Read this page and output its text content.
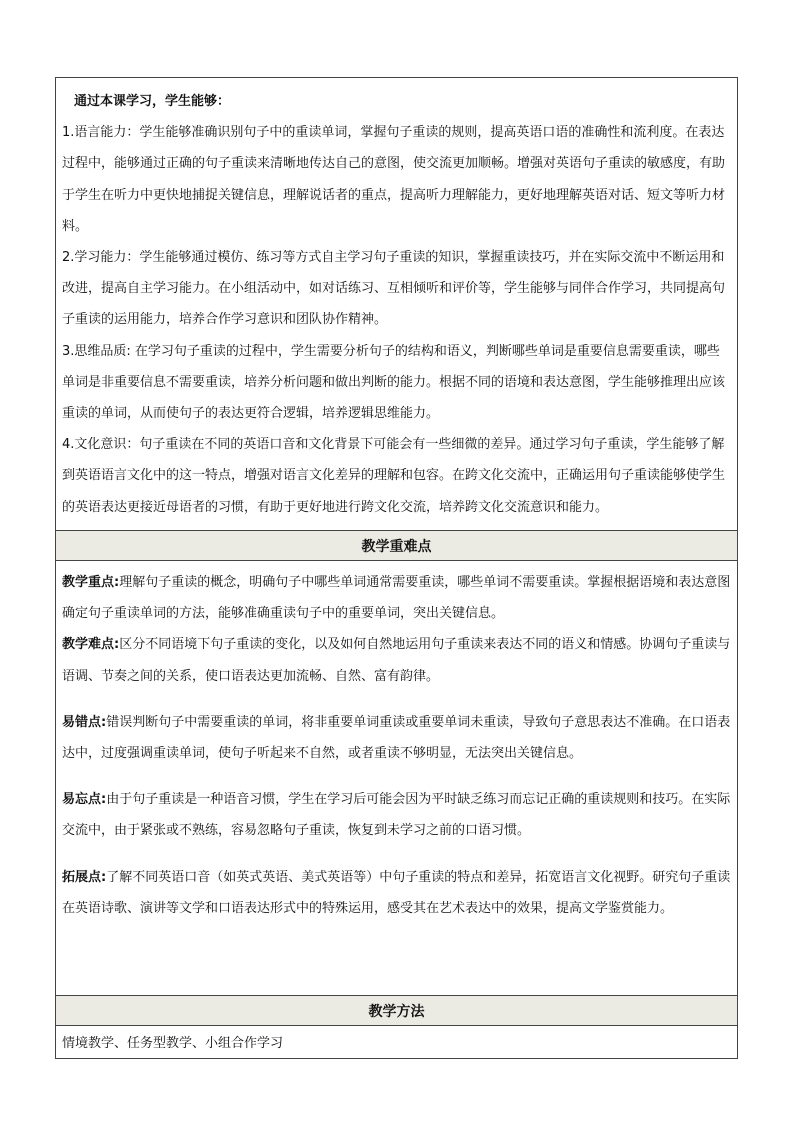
通过本课学习，学生能够：

1.语言能力：学生能够准确识别句子中的重读单词，掌握句子重读的规则，提高英语口语的准确性和流利度。在表达过程中，能够通过正确的句子重读来清晰地传达自己的意图，使交流更加顺畅。增强对英语句子重读的敏感度，有助于学生在听力中更快地捕捉关键信息，理解说话者的重点，提高听力理解能力，更好地理解英语对话、短文等听力材料。

2.学习能力：学生能够通过模仿、练习等方式自主学习句子重读的知识，掌握重读技巧，并在实际交流中不断运用和改进，提高自主学习能力。在小组活动中，如对话练习、互相倾听和评价等，学生能够与同伴合作学习，共同提高句子重读的运用能力，培养合作学习意识和团队协作精神。

3.思维品质: 在学习句子重读的过程中，学生需要分析句子的结构和语义，判断哪些单词是重要信息需要重读，哪些单词是非重要信息不需要重读，培养分析问题和做出判断的能力。根据不同的语境和表达意图，学生能够推理出应该重读的单词，从而使句子的表达更符合逻辑，培养逻辑思维能力。

4.文化意识：句子重读在不同的英语口音和文化背景下可能会有一些细微的差异。通过学习句子重读，学生能够了解到英语语言文化中的这一特点，增强对语言文化差异的理解和包容。在跨文化交流中，正确运用句子重读能够使学生的英语表达更接近母语者的习惯，有助于更好地进行跨文化交流，培养跨文化交流意识和能力。

教学重难点

教学重点:理解句子重读的概念，明确句子中哪些单词通常需要重读，哪些单词不需要重读。掌握根据语境和表达意图确定句子重读单词的方法，能够准确重读句子中的重要单词，突出关键信息。

教学难点:区分不同语境下句子重读的变化，以及如何自然地运用句子重读来表达不同的语义和情感。协调句子重读与语调、节奏之间的关系，使口语表达更加流畅、自然、富有韵律。

易错点:错误判断句子中需要重读的单词，将非重要单词重读或重要单词未重读，导致句子意思表达不准确。在口语表达中，过度强调重读单词，使句子听起来不自然，或者重读不够明显，无法突出关键信息。

易忘点:由于句子重读是一种语音习惯，学生在学习后可能会因为平时缺乏练习而忘记正确的重读规则和技巧。在实际交流中，由于紧张或不熟练，容易忽略句子重读，恢复到未学习之前的口语习惯。

拓展点:了解不同英语口音（如英式英语、美式英语等）中句子重读的特点和差异，拓宽语言文化视野。研究句子重读在英语诗歌、演讲等文学和口语表达形式中的特殊运用，感受其在艺术表达中的效果，提高文学鉴赏能力。

教学方法

情境教学、任务型教学、小组合作学习
